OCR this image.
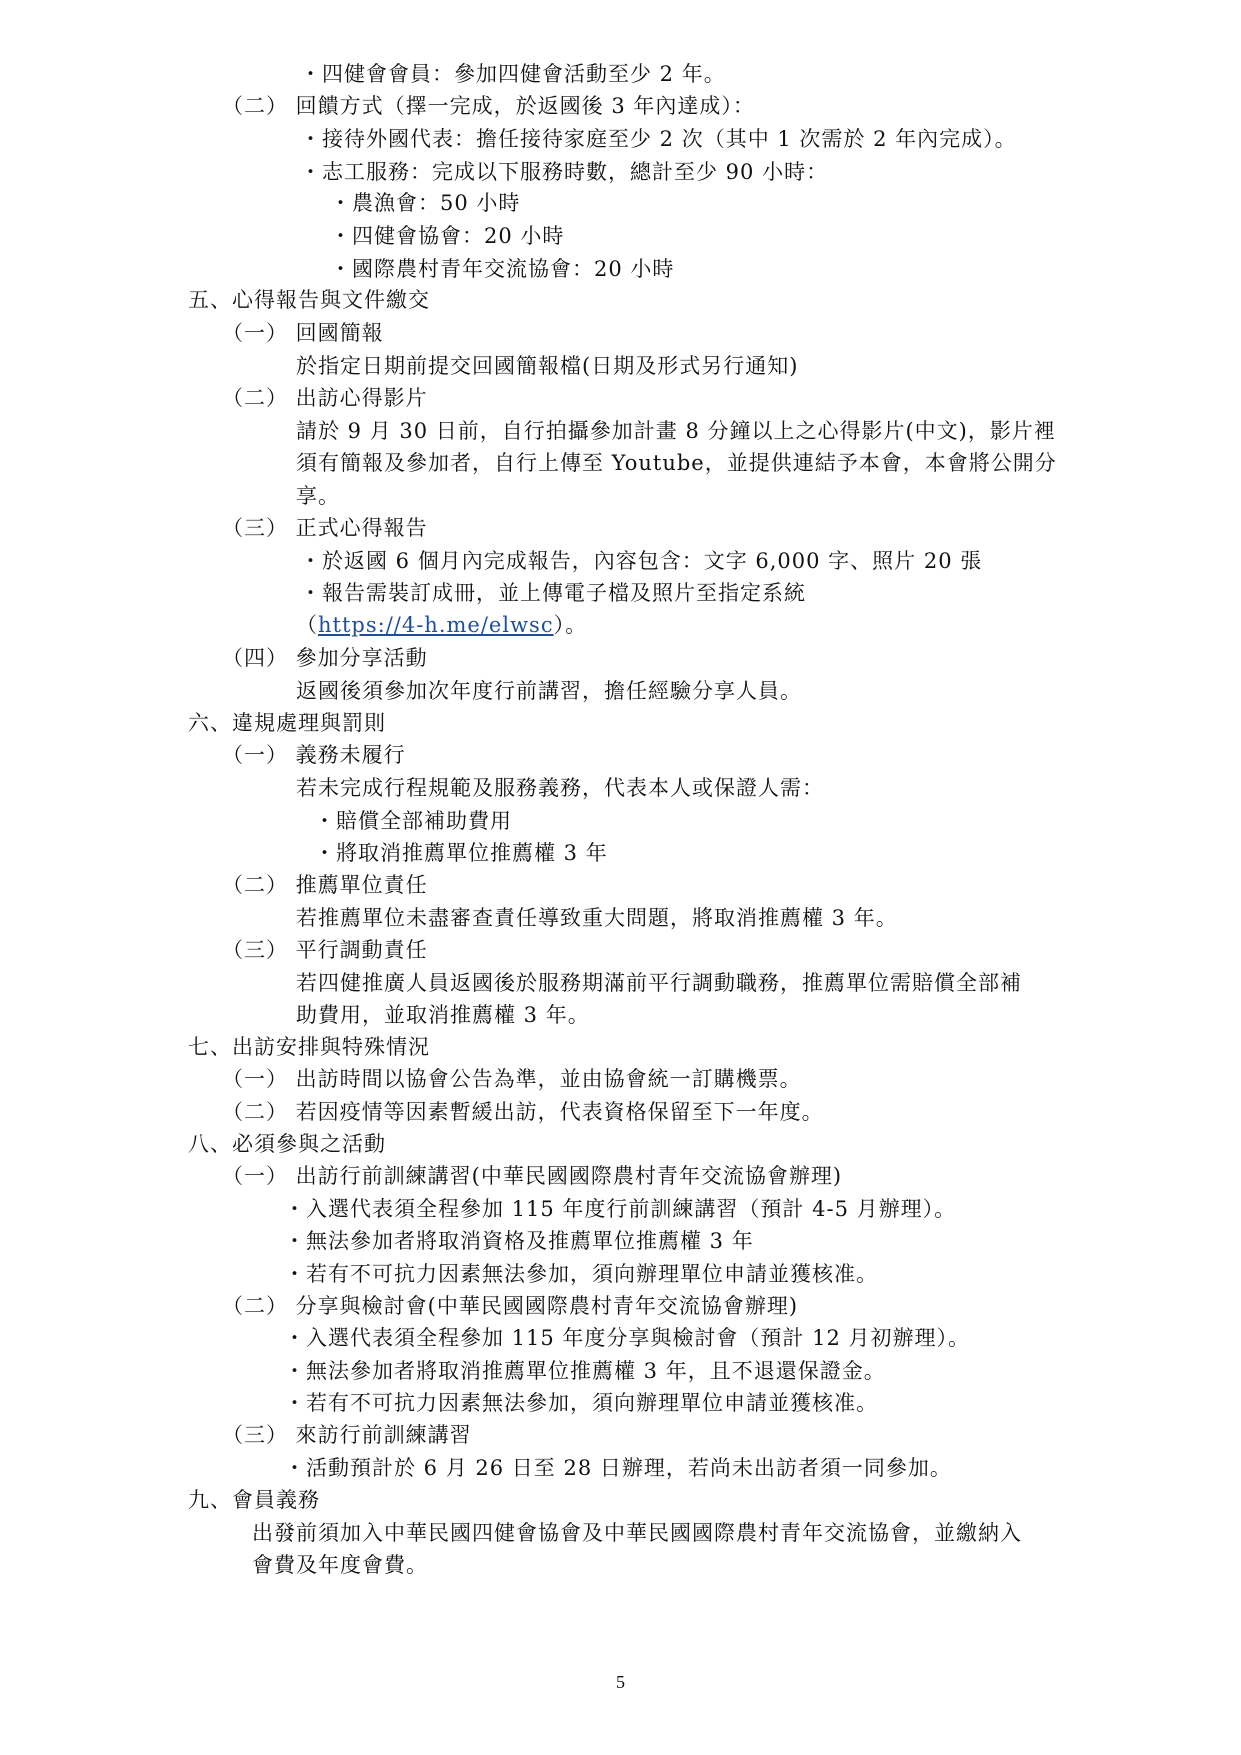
・四健會會員：參加四健會活動至少 2 年。
（二） 回饋方式（擇一完成，於返國後 3 年內達成）：
・接待外國代表：擔任接待家庭至少 2 次（其中 1 次需於 2 年內完成）。
・志工服務：完成以下服務時數，總計至少 90 小時：
・農漁會：50 小時
・四健會協會：20 小時
・國際農村青年交流協會：20 小時
五、心得報告與文件繳交
（一） 回國簡報
於指定日期前提交回國簡報檔(日期及形式另行通知)
（二） 出訪心得影片
請於 9 月 30 日前，自行拍攝參加計畫 8 分鐘以上之心得影片(中文)，影片裡
須有簡報及參加者，自行上傳至 Youtube，並提供連結予本會，本會將公開分
享。
（三） 正式心得報告
・於返國 6 個月內完成報告，內容包含：文字 6,000 字、照片 20 張
・報告需裝訂成冊，並上傳電子檔及照片至指定系統
（https://4-h.me/elwsc）。
（四） 參加分享活動
返國後須參加次年度行前講習，擔任經驗分享人員。
六、違規處理與罰則
（一） 義務未履行
若未完成行程規範及服務義務，代表本人或保證人需：
・賠償全部補助費用
・將取消推薦單位推薦權 3 年
（二） 推薦單位責任
若推薦單位未盡審查責任導致重大問題，將取消推薦權 3 年。
（三） 平行調動責任
若四健推廣人員返國後於服務期滿前平行調動職務，推薦單位需賠償全部補
助費用，並取消推薦權 3 年。
七、出訪安排與特殊情況
（一） 出訪時間以協會公告為準，並由協會統一訂購機票。
（二） 若因疫情等因素暫緩出訪，代表資格保留至下一年度。
八、必須參與之活動
（一） 出訪行前訓練講習(中華民國國際農村青年交流協會辦理)
・入選代表須全程參加 115 年度行前訓練講習（預計 4-5 月辦理）。
・無法參加者將取消資格及推薦單位推薦權 3 年
・若有不可抗力因素無法參加，須向辦理單位申請並獲核准。
（二） 分享與檢討會(中華民國國際農村青年交流協會辦理)
・入選代表須全程參加 115 年度分享與檢討會（預計 12 月初辦理）。
・無法參加者將取消推薦單位推薦權 3 年，且不退還保證金。
・若有不可抗力因素無法參加，須向辦理單位申請並獲核准。
（三） 來訪行前訓練講習
・活動預計於 6 月 26 日至 28 日辦理，若尚未出訪者須一同參加。
九、會員義務
出發前須加入中華民國四健會協會及中華民國國際農村青年交流協會，並繳納入
會費及年度會費。
5
